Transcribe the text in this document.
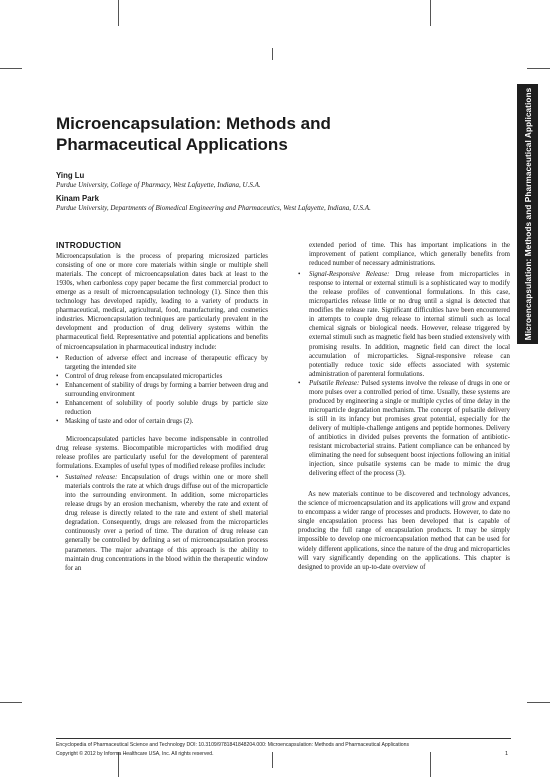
Microencapsulation: Methods and Pharmaceutical Applications
Microencapsulation: Methods and Pharmaceutical Applications
Ying Lu
Purdue University, College of Pharmacy, West Lafayette, Indiana, U.S.A.
Kinam Park
Purdue University, Departments of Biomedical Engineering and Pharmaceutics, West Lafayette, Indiana, U.S.A.
INTRODUCTION

Microencapsulation is the process of preparing microsized particles consisting of one or more core materials within single or multiple shell materials. The concept of microencapsulation dates back at least to the 1930s, when carbonless copy paper became the first commercial product to emerge as a result of microencapsulation technology (1). Since then this technology has developed rapidly, leading to a variety of products in pharmaceutical, medical, agricultural, food, manufacturing, and cosmetics industries. Microencapsulation techniques are particularly prevalent in the development and production of drug delivery systems within the pharmaceutical field. Representative and potential applications and benefits of microencapsulation in pharmaceutical industry include:

• Reduction of adverse effect and increase of therapeutic efficacy by targeting the intended site
• Control of drug release from encapsulated microparticles
• Enhancement of stability of drugs by forming a barrier between drug and surrounding environment
• Enhancement of solubility of poorly soluble drugs by particle size reduction
• Masking of taste and odor of certain drugs (2).

Microencapsulated particles have become indispensable in controlled drug release systems. Biocompatible microparticles with modified drug release profiles are particularly useful for the development of parenteral formulations. Examples of useful types of modified release profiles include:

• Sustained release: Encapsulation of drugs within one or more shell materials controls the rate at which drugs diffuse out of the microparticle into the surrounding environment. In addition, some microparticles release drugs by an erosion mechanism, whereby the rate and extent of drug release is directly related to the rate and extent of shell material degradation. Consequently, drugs are released from the microparticles continuously over a period of time. The duration of drug release can generally be controlled by defining a set of microencapsulation process parameters. The major advantage of this approach is the ability to maintain drug concentrations in the blood within the therapeutic window for an

extended period of time. This has important implications in the improvement of patient compliance, which generally benefits from reduced number of necessary administrations.

• Signal-Responsive Release: Drug release from microparticles in response to internal or external stimuli is a sophisticated way to modify the release profiles of conventional formulations. In this case, microparticles release little or no drug until a signal is detected that modifies the release rate. Significant difficulties have been encountered in attempts to couple drug release to internal stimuli such as local chemical signals or biological needs. However, release triggered by external stimuli such as magnetic field has been studied extensively with promising results. In addition, magnetic field can direct the local accumulation of microparticles. Signal-responsive release can potentially reduce toxic side effects associated with systemic administration of parenteral formulations.
• Pulsatile Release: Pulsed systems involve the release of drugs in one or more pulses over a controlled period of time. Usually, these systems are produced by engineering a single or multiple cycles of time delay in the microparticle degradation mechanism. The concept of pulsatile delivery is still in its infancy but promises great potential, especially for the delivery of multiple-challenge antigens and peptide hormones. Delivery of antibiotics in divided pulses prevents the formation of antibiotic-resistant microbacterial strains. Patient compliance can be enhanced by eliminating the need for subsequent boost injections following an initial injection, since pulsatile systems can be made to mimic the drug delivering effect of the process (3).

As new materials continue to be discovered and technology advances, the science of microencapsulation and its applications will grow and expand to encompass a wider range of processes and products. However, to date no single encapsulation process has been developed that is capable of producing the full range of encapsulation products. It may be simply impossible to develop one microencapsulation method that can be used for widely different applications, since the nature of the drug and microparticles will vary significantly depending on the applications. This chapter is designed to provide an up-to-date overview of

Encyclopedia of Pharmaceutical Science and Technology DOI: 10.3109/9781841848204.000: Microencapsulation: Methods and Pharmaceutical Applications
Copyright © 2012 by Informa Healthcare USA, Inc. All rights reserved.	1
